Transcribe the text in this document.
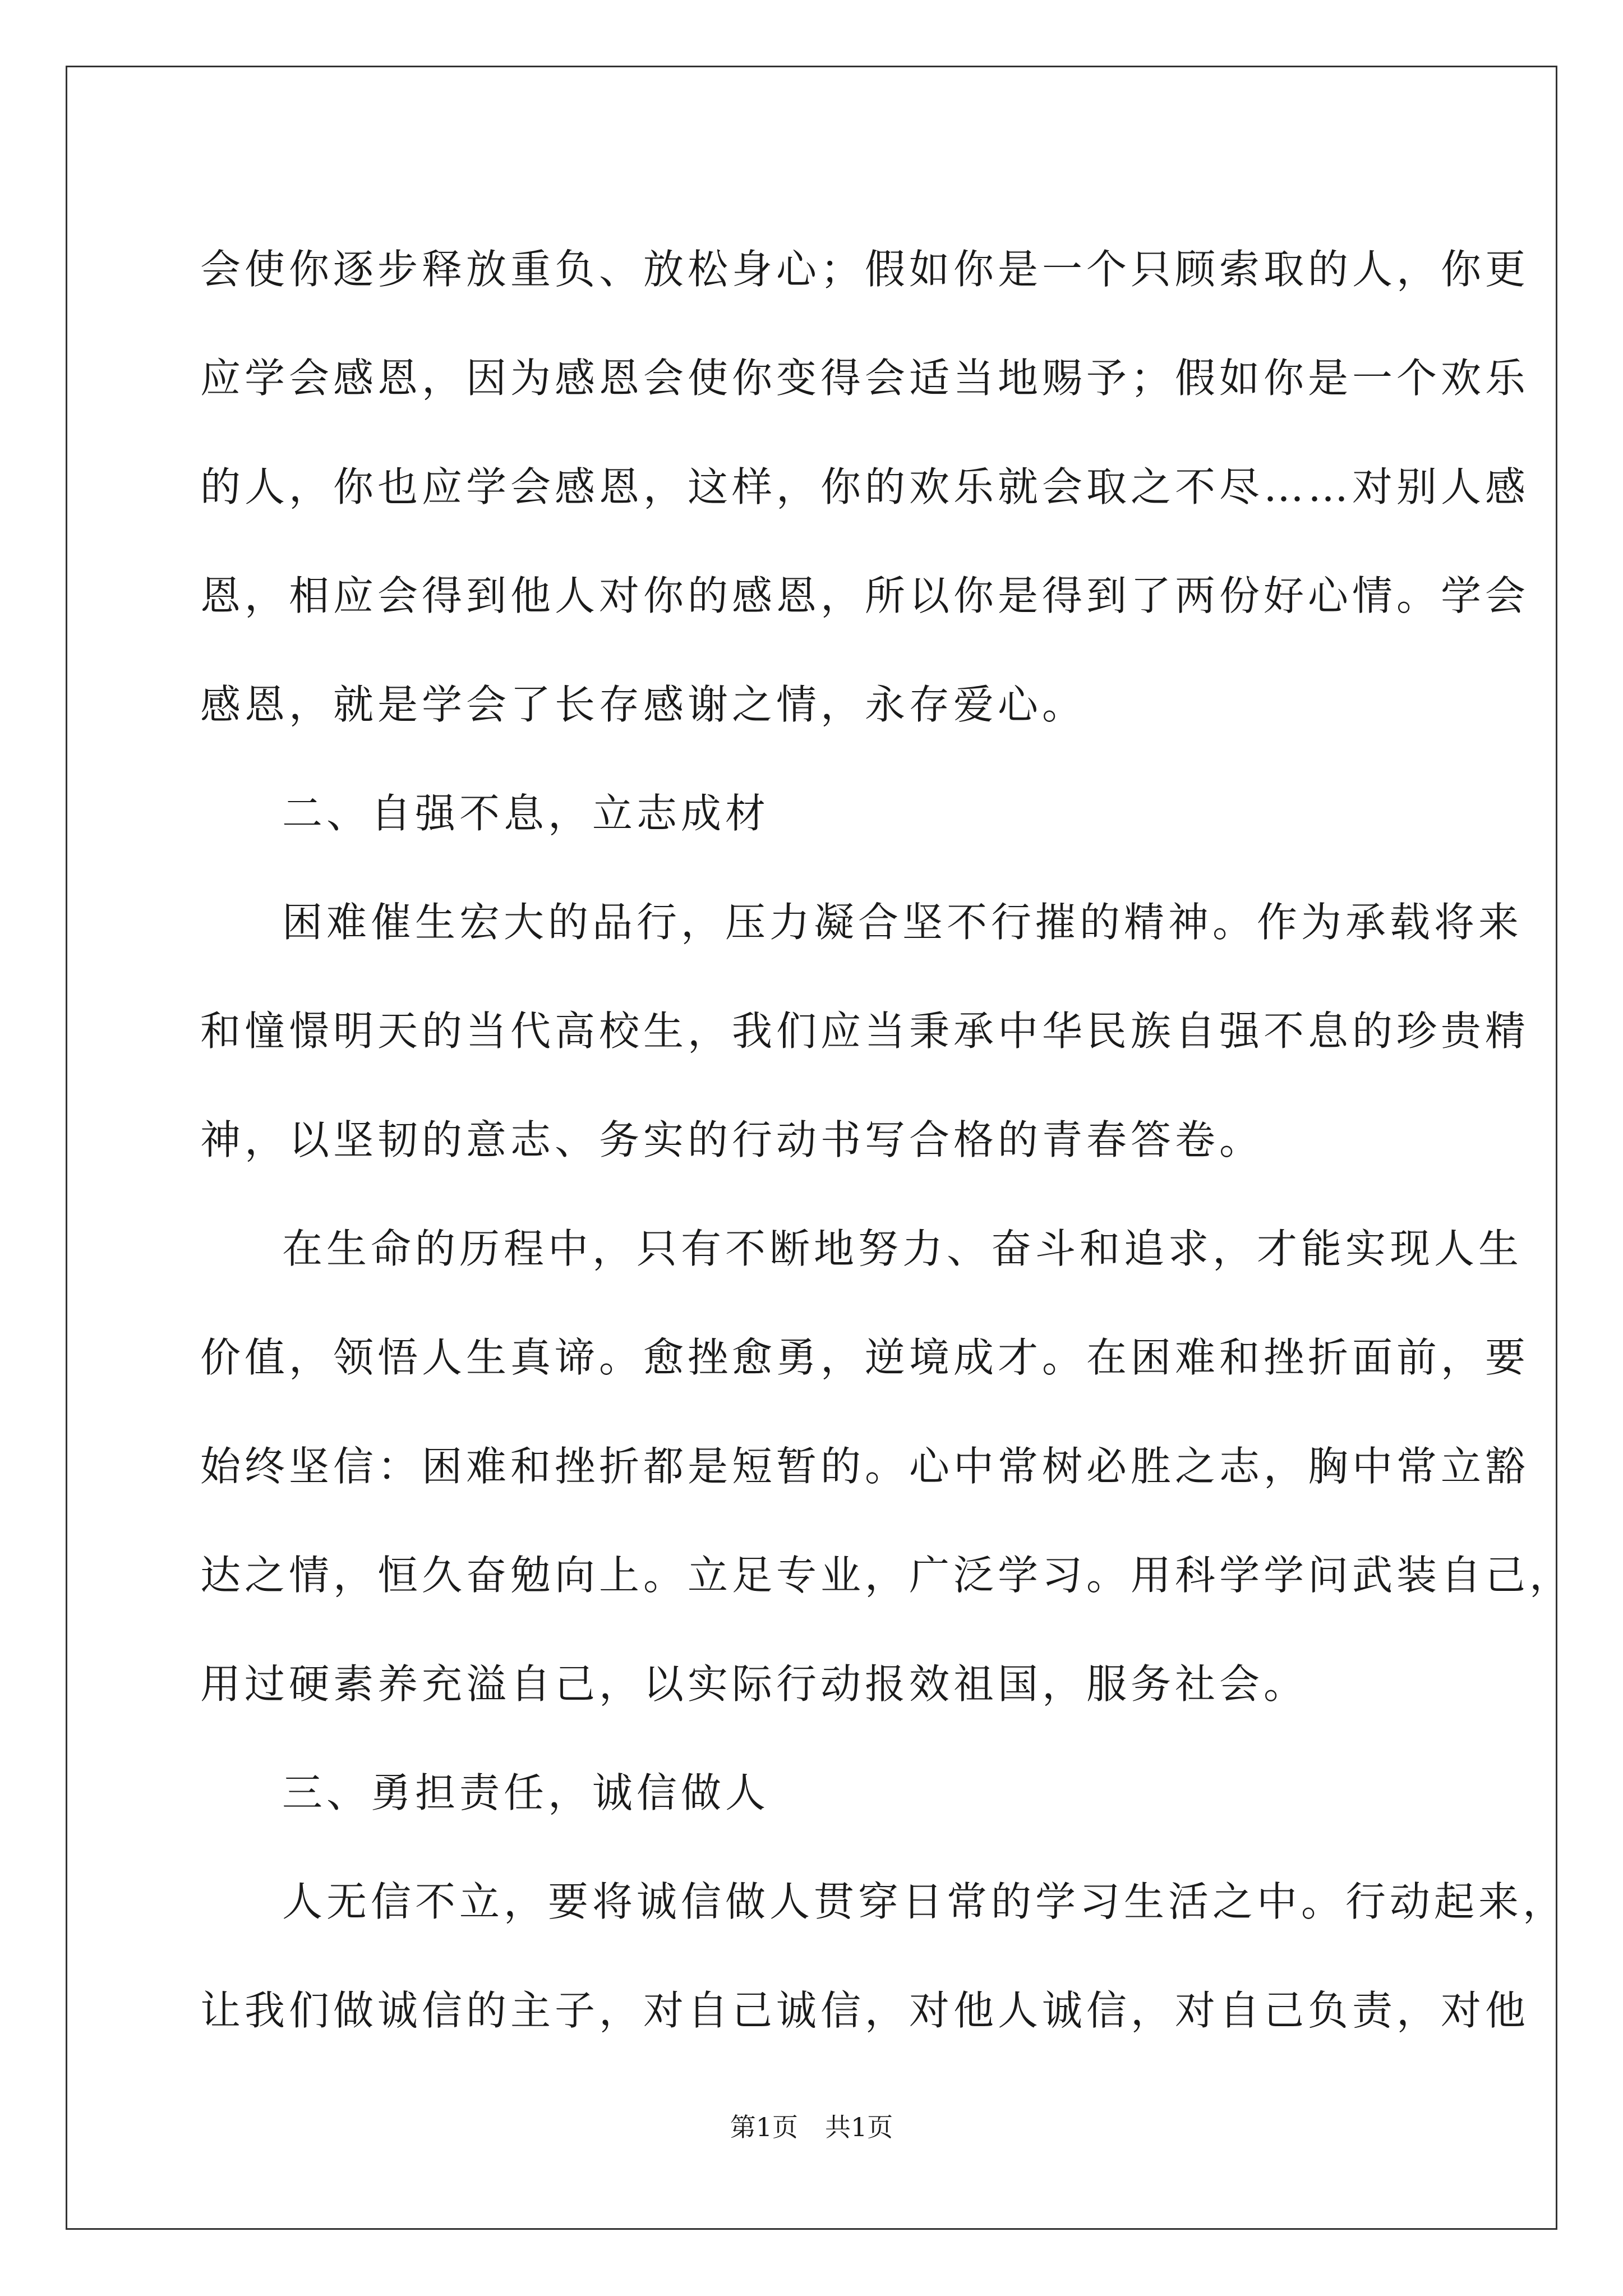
会使你逐步释放重负、放松身心；假如你是一个只顾索取的人，你更
应学会感恩，因为感恩会使你变得会适当地赐予；假如你是一个欢乐
的人，你也应学会感恩，这样，你的欢乐就会取之不尽……对别人感
恩，相应会得到他人对你的感恩，所以你是得到了两份好心情。学会
感恩，就是学会了长存感谢之情，永存爱心。
二、自强不息，立志成材
困难催生宏大的品行，压力凝合坚不行摧的精神。作为承载将来
和憧憬明天的当代高校生，我们应当秉承中华民族自强不息的珍贵精
神，以坚韧的意志、务实的行动书写合格的青春答卷。
在生命的历程中，只有不断地努力、奋斗和追求，才能实现人生
价值，领悟人生真谛。愈挫愈勇，逆境成才。在困难和挫折面前，要
始终坚信：困难和挫折都是短暂的。心中常树必胜之志，胸中常立豁
达之情，恒久奋勉向上。立足专业，广泛学习。用科学学问武装自己，
用过硬素养充溢自己，以实际行动报效祖国，服务社会。
三、勇担责任，诚信做人
人无信不立，要将诚信做人贯穿日常的学习生活之中。行动起来，
让我们做诚信的主子，对自己诚信，对他人诚信，对自己负责，对他
第1页 共1页
